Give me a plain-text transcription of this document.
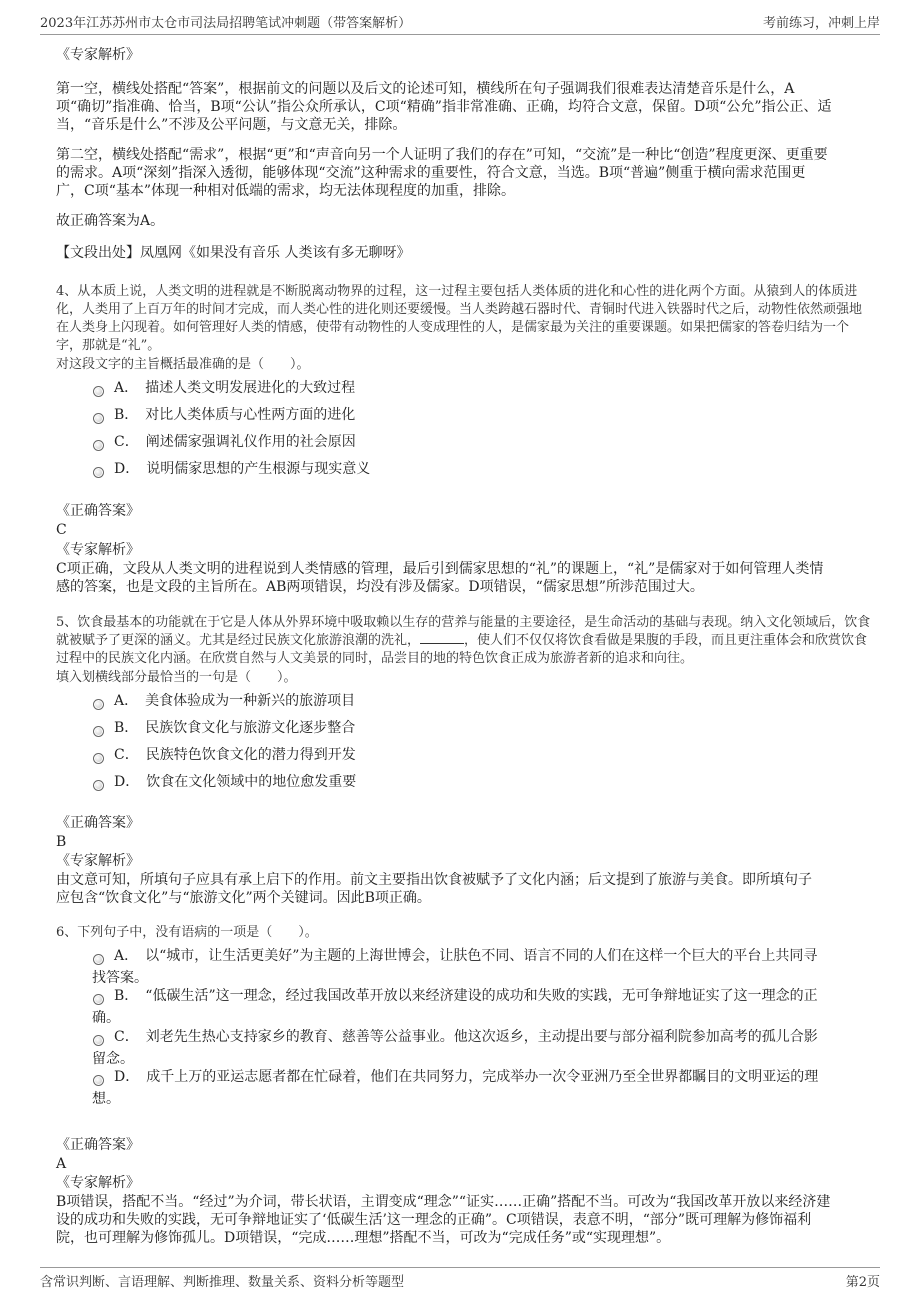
2023年江苏苏州市太仓市司法局招聘笔试冲刺题（带答案解析）	考前练习，冲刺上岸
《专家解析》
第一空，横线处搭配“答案”，根据前文的问题以及后文的论述可知，横线所在句子强调我们很难表达清楚音乐是什么，A
项“确切”指准确、恰当，B项“公认”指公众所承认，C项“精确”指非常准确、正确，均符合文意，保留。D项“公允”指公正、适
当，“音乐是什么”不涉及公平问题，与文意无关，排除。
第二空，横线处搭配“需求”，根据“更”和“声音向另一个人证明了我们的存在”可知，“交流”是一种比“创造”程度更深、更重要
的需求。A项“深刻”指深入透彻，能够体现“交流”这种需求的重要性，符合文意，当选。B项“普遍”侧重于横向需求范围更
广，C项“基本”体现一种相对低端的需求，均无法体现程度的加重，排除。
故正确答案为A。
【文段出处】凤凰网《如果没有音乐 人类该有多无聊呀》
4、从本质上说，人类文明的进程就是不断脱离动物界的过程，这一过程主要包括人类体质的进化和心性的进化两个方面。从猿到人的体质进
化，人类用了上百万年的时间才完成，而人类心性的进化则还要缓慢。当人类跨越石器时代、青铜时代进入铁器时代之后，动物性依然顽强地
在人类身上闪现着。如何管理好人类的情感，使带有动物性的人变成理性的人，是儒家最为关注的重要课题。如果把儒家的答卷归结为一个
字，那就是“礼”。
对这段文字的主旨概括最准确的是（　　）。
A．　描述人类文明发展进化的大致过程
B．　对比人类体质与心性两方面的进化
C．　阐述儒家强调礼仪作用的社会原因
D．　说明儒家思想的产生根源与现实意义
《正确答案》
C
《专家解析》
C项正确，文段从人类文明的进程说到人类情感的管理，最后引到儒家思想的“礼”的课题上，“礼”是儒家对于如何管理人类情
感的答案，也是文段的主旨所在。AB两项错误，均没有涉及儒家。D项错误，“儒家思想”所涉范围过大。
5、饮食最基本的功能就在于它是人体从外界环境中吸取赖以生存的营养与能量的主要途径，是生命活动的基础与表现。纳入文化领域后，饮食
就被赋予了更深的涵义。尤其是经过民族文化旅游浪潮的洗礼，	，使人们不仅仅将饮食看做是果腹的手段，而且更注重体会和欣赏饮食
过程中的民族文化内涵。在欣赏自然与人文美景的同时，品尝目的地的特色饮食正成为旅游者新的追求和向往。
填入划横线部分最恰当的一句是（　　）。
A．　美食体验成为一种新兴的旅游项目
B．　民族饮食文化与旅游文化逐步整合
C．　民族特色饮食文化的潜力得到开发
D．　饮食在文化领域中的地位愈发重要
《正确答案》
B
《专家解析》
由文意可知，所填句子应具有承上启下的作用。前文主要指出饮食被赋予了文化内涵；后文提到了旅游与美食。即所填句子
应包含“饮食文化”与“旅游文化”两个关键词。因此B项正确。
6、下列句子中，没有语病的一项是（　　）。
A．　以“城市，让生活更美好”为主题的上海世博会，让肤色不同、语言不同的人们在这样一个巨大的平台上共同寻
找答案。
B．　“低碳生活”这一理念，经过我国改革开放以来经济建设的成功和失败的实践，无可争辩地证实了这一理念的正
确。
C．　刘老先生热心支持家乡的教育、慈善等公益事业。他这次返乡，主动提出要与部分福利院参加高考的孤儿合影
留念。
D．　成千上万的亚运志愿者都在忙碌着，他们在共同努力，完成举办一次令亚洲乃至全世界都瞩目的文明亚运的理
想。
《正确答案》
A
《专家解析》
B项错误，搭配不当。“经过”为介词，带长状语，主谓变成“理念”“证实……正确”搭配不当。可改为“我国改革开放以来经济建
设的成功和失败的实践，无可争辩地证实了‘低碳生活’这一理念的正确”。C项错误，表意不明，“部分”既可理解为修饰福利
院，也可理解为修饰孤儿。D项错误，“完成……理想”搭配不当，可改为“完成任务”或“实现理想”。
含常识判断、言语理解、判断推理、数量关系、资料分析等题型	第2页
